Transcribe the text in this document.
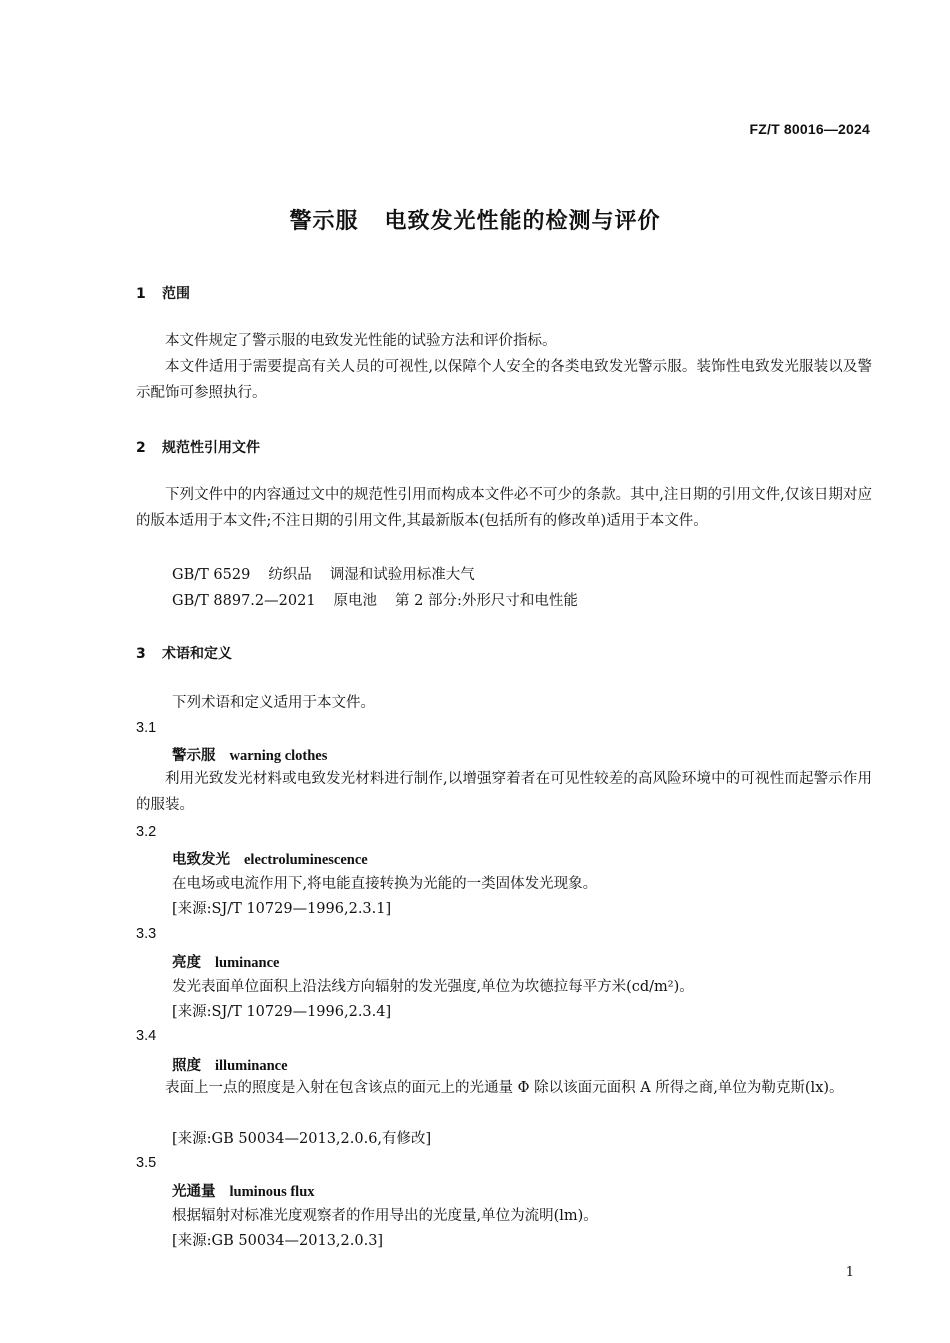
FZ/T 80016—2024
警示服 电致发光性能的检测与评价
1 范围

本文件规定了警示服的电致发光性能的试验方法和评价指标。

本文件适用于需要提高有关人员的可视性,以保障个人安全的各类电致发光警示服。装饰性电致发光服装以及警示配饰可参照执行。

2 规范性引用文件

下列文件中的内容通过文中的规范性引用而构成本文件必不可少的条款。其中,注日期的引用文件,仅该日期对应的版本适用于本文件;不注日期的引用文件,其最新版本(包括所有的修改单)适用于本文件。

GB/T 6529 纺织品 调湿和试验用标准大气
GB/T 8897.2—2021 原电池 第 2 部分:外形尺寸和电性能
3 术语和定义
下列术语和定义适用于本文件。
3.1
警示服 warning clothes

利用光致发光材料或电致发光材料进行制作,以增强穿着者在可见性较差的高风险环境中的可视性而起警示作用的服装。

3.2
电致发光 electroluminescence
在电场或电流作用下,将电能直接转换为光能的一类固体发光现象。
[来源:SJ/T 10729—1996,2.3.1]
3.3
亮度 luminance
发光表面单位面积上沿法线方向辐射的发光强度,单位为坎德拉每平方米(cd/m²)。
[来源:SJ/T 10729—1996,2.3.4]
3.4
照度 illuminance

表面上一点的照度是入射在包含该点的面元上的光通量 Φ 除以该面元面积 A 所得之商,单位为勒克斯(lx)。

[来源:GB 50034—2013,2.0.6,有修改]
3.5
光通量 luminous flux
根据辐射对标准光度观察者的作用导出的光度量,单位为流明(lm)。
[来源:GB 50034—2013,2.0.3]
1
